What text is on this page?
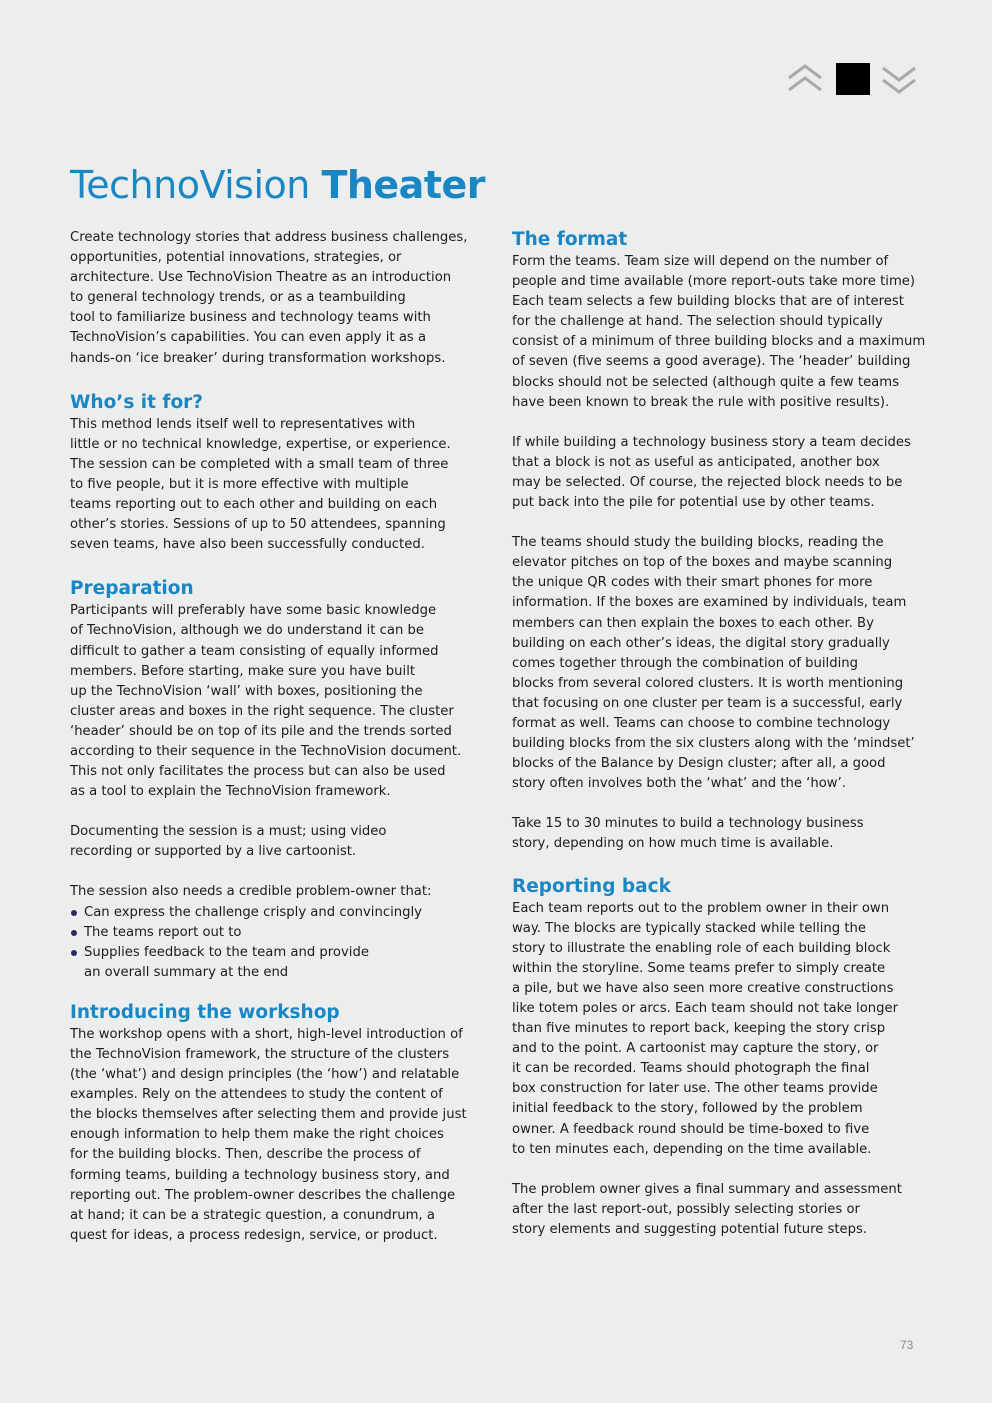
TechnoVision Theater

Create technology stories that address business challenges,
opportunities, potential innovations, strategies, or
architecture. Use TechnoVision Theatre as an introduction
to general technology trends, or as a teambuilding
tool to familiarize business and technology teams with
TechnoVision’s capabilities. You can even apply it as a
hands-on ‘ice breaker’ during transformation workshops.

Who’s it for?

This method lends itself well to representatives with
little or no technical knowledge, expertise, or experience.
The session can be completed with a small team of three
to five people, but it is more effective with multiple
teams reporting out to each other and building on each
other’s stories. Sessions of up to 50 attendees, spanning
seven teams, have also been successfully conducted.

Preparation

Participants will preferably have some basic knowledge
of TechnoVision, although we do understand it can be
difficult to gather a team consisting of equally informed
members. Before starting, make sure you have built
up the TechnoVision ‘wall’ with boxes, positioning the
cluster areas and boxes in the right sequence. The cluster
‘header’ should be on top of its pile and the trends sorted
according to their sequence in the TechnoVision document.
This not only facilitates the process but can also be used
as a tool to explain the TechnoVision framework.

Documenting the session is a must; using video
recording or supported by a live cartoonist.

The session also needs a credible problem-owner that:

Can express the challenge crisply and convincingly
The teams report out to
Supplies feedback to the team and provide
an overall summary at the end
Introducing the workshop

The workshop opens with a short, high-level introduction of
the TechnoVision framework, the structure of the clusters
(the ‘what’) and design principles (the ‘how’) and relatable
examples. Rely on the attendees to study the content of
the blocks themselves after selecting them and provide just
enough information to help them make the right choices
for the building blocks. Then, describe the process of
forming teams, building a technology business story, and
reporting out. The problem-owner describes the challenge
at hand; it can be a strategic question, a conundrum, a
quest for ideas, a process redesign, service, or product.

The format

Form the teams. Team size will depend on the number of
people and time available (more report-outs take more time)
Each team selects a few building blocks that are of interest
for the challenge at hand. The selection should typically
consist of a minimum of three building blocks and a maximum
of seven (five seems a good average). The ‘header’ building
blocks should not be selected (although quite a few teams
have been known to break the rule with positive results).

If while building a technology business story a team decides
that a block is not as useful as anticipated, another box
may be selected. Of course, the rejected block needs to be
put back into the pile for potential use by other teams.

The teams should study the building blocks, reading the
elevator pitches on top of the boxes and maybe scanning
the unique QR codes with their smart phones for more
information. If the boxes are examined by individuals, team
members can then explain the boxes to each other. By
building on each other’s ideas, the digital story gradually
comes together through the combination of building
blocks from several colored clusters. It is worth mentioning
that focusing on one cluster per team is a successful, early
format as well. Teams can choose to combine technology
building blocks from the six clusters along with the ‘mindset’
blocks of the Balance by Design cluster; after all, a good
story often involves both the ‘what’ and the ‘how’.

Take 15 to 30 minutes to build a technology business
story, depending on how much time is available.

Reporting back

Each team reports out to the problem owner in their own
way. The blocks are typically stacked while telling the
story to illustrate the enabling role of each building block
within the storyline. Some teams prefer to simply create
a pile, but we have also seen more creative constructions
like totem poles or arcs. Each team should not take longer
than five minutes to report back, keeping the story crisp
and to the point. A cartoonist may capture the story, or
it can be recorded. Teams should photograph the final
box construction for later use. The other teams provide
initial feedback to the story, followed by the problem
owner. A feedback round should be time-boxed to five
to ten minutes each, depending on the time available.

The problem owner gives a final summary and assessment
after the last report-out, possibly selecting stories or
story elements and suggesting potential future steps.

73
